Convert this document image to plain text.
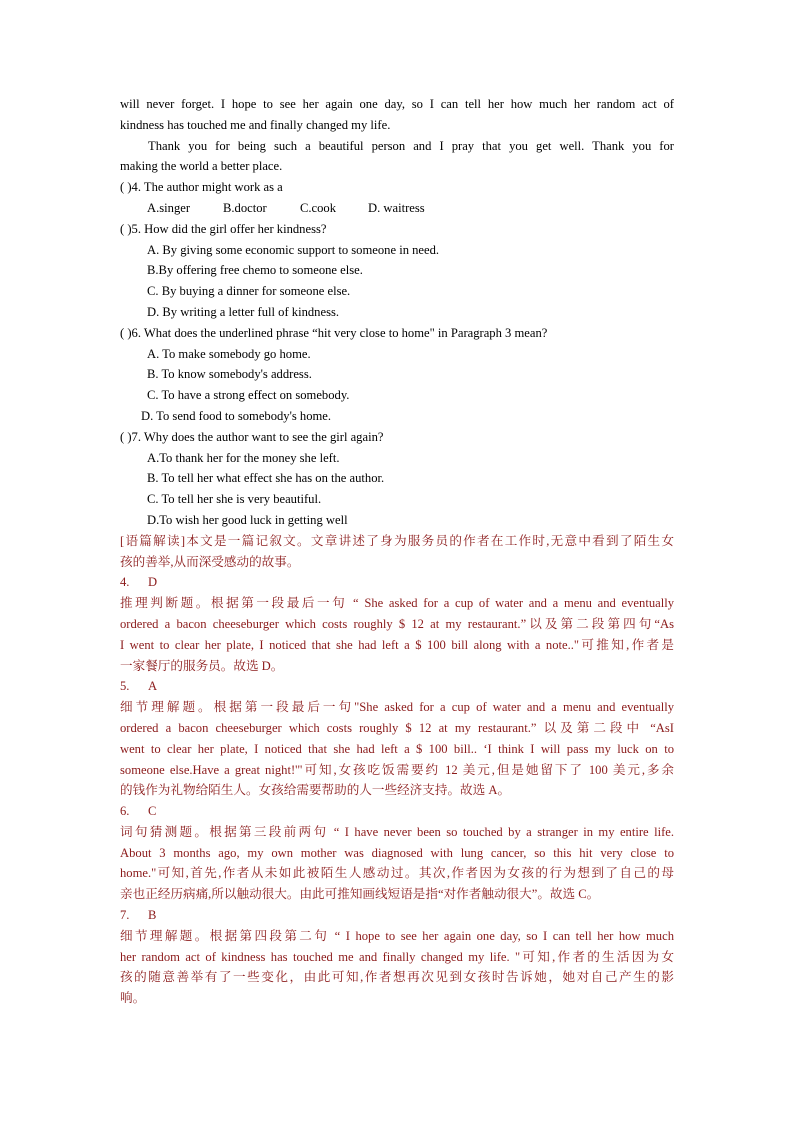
will never forget. I hope to see her again one day, so I can tell her how much her random act of
kindness has touched me and finally changed my life.
Thank you for being such a beautiful person and I pray that you get well. Thank you for
making the world a better place.
( )4. The author might work as a
A.singer	B.doctor	C.cook	D. waitress
( )5. How did the girl offer her kindness?
A. By giving some economic support to someone in need.
B.By offering free chemo to someone else.
C. By buying a dinner for someone else.
D. By writing a letter full of kindness.
( )6. What does the underlined phrase “hit very close to home" in Paragraph 3 mean?
A. To make somebody go home.
B. To know somebody's address.
C. To have a strong effect on somebody.
D. To send food to somebody's home.
( )7. Why does the author want to see the girl again?
A.To thank her for the money she left.
B. To tell her what effect she has on the author.
C. To tell her she is very beautiful.
D.To wish her good luck in getting well
[语篇解读]本文是一篇记叙文。文章讲述了身为服务员的作者在工作时,无意中看到了陌生女
孩的善举,从而深受感动的故事。
4. D
推理判断题。根据第一段最后一句 “ She asked for a cup of water and a menu and eventually
ordered a bacon cheeseburger which costs roughly $ 12 at my restaurant.”以及第二段第四句“As
I went to clear her plate, I noticed that she had left a $ 100 bill along with a note.."可推知,作者是
一家餐厅的服务员。故选 D。
5. A
细节理解题。根据第一段最后一句"She asked for a cup of water and a menu and eventually
ordered a bacon cheeseburger which costs roughly $ 12 at my restaurant.” 以及第二段中 “AsI
went to clear her plate, I noticed that she had left a $ 100 bill.. ‘I think I will pass my luck on to
someone else.Have a great night!'"可知,女孩吃饭需要约 12 美元,但是她留下了 100 美元,多余
的钱作为礼物给陌生人。女孩给需要帮助的人一些经济支持。故选 A。
6. C
词句猜测题。根据第三段前两句 “ I have never been so touched by a stranger in my entire life.
About 3 months ago, my own mother was diagnosed with lung cancer, so this hit very close to
home."可知,首先,作者从未如此被陌生人感动过。其次,作者因为女孩的行为想到了自己的母
亲也正经历病痛,所以触动很大。由此可推知画线短语是指“对作者触动很大”。故选 C。
7. B
细节理解题。根据第四段第二句 “ I hope to see her again one day, so I can tell her how much
her random act of kindness has touched me and finally changed my life. "可知,作者的生活因为女
孩的随意善举有了一些变化，由此可知,作者想再次见到女孩时告诉她，她对自己产生的影
响。
